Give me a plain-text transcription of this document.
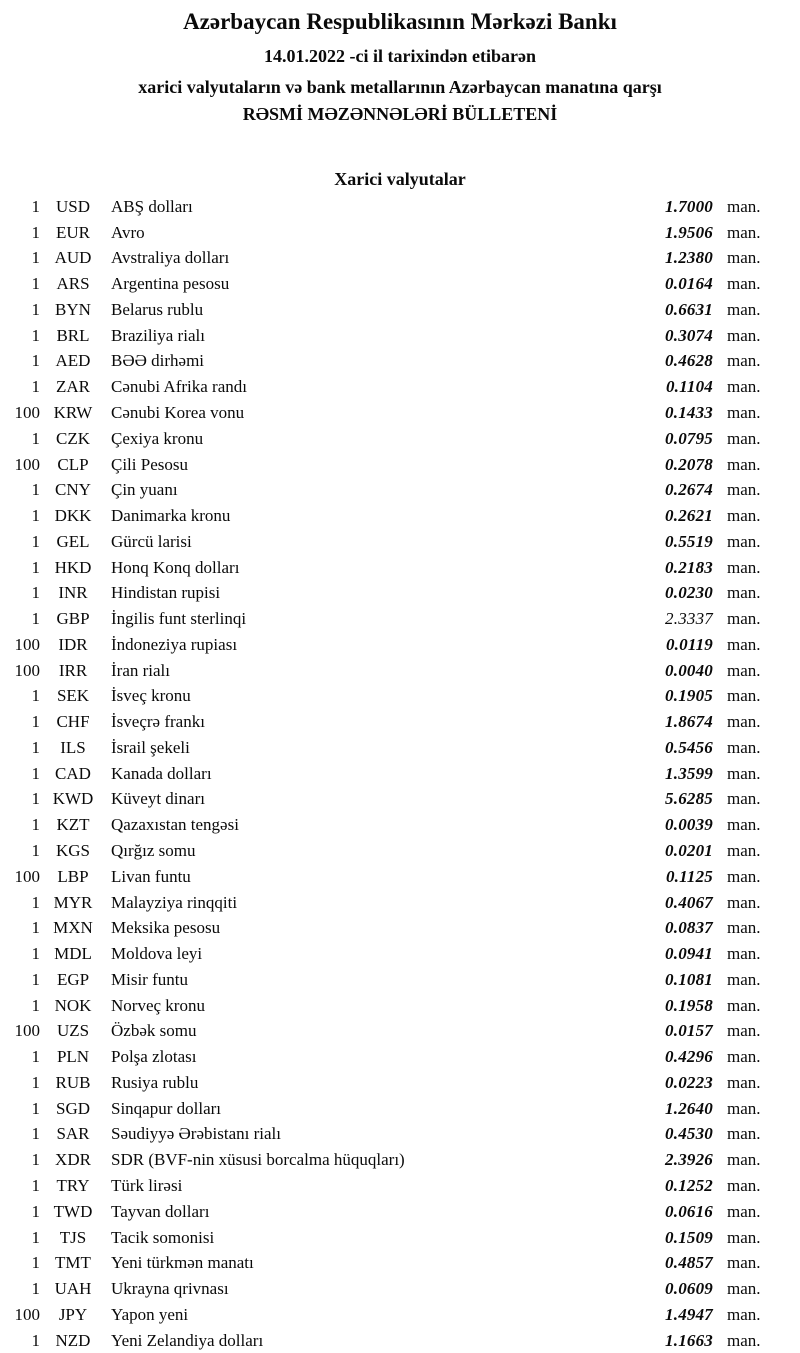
Azərbaycan Respublikasının Mərkəzi Bankı
14.01.2022 -ci il tarixindən etibarən
xarici valyutaların və bank metallarının Azərbaycan manatına qarşı
RƏSMİ MƏZƏNNƏLƏRİ BÜLLETENİ
Xarici valyutalar
1 USD	ABŞ dolları	1.7000 man.
1 EUR	Avro	1.9506 man.
1 AUD	Avstraliya dolları	1.2380 man.
1 ARS	Argentina pesosu	0.0164 man.
1 BYN	Belarus rublu	0.6631 man.
1 BRL	Braziliya rialı	0.3074 man.
1 AED	BƏƏ dirhəmi	0.4628 man.
1 ZAR	Cənubi Afrika randı	0.1104 man.
100 KRW	Cənubi Korea vonu	0.1433 man.
1 CZK	Çexiya kronu	0.0795 man.
100	CLP	Çili Pesosu	0.2078 man.
1 CNY	Çin yuanı	0.2674 man.
1 DKK	Danimarka kronu	0.2621 man.
1 GEL	Gürcü larisi	0.5519 man.
1 HKD	Honq Konq dolları	0.2183 man.
1	INR	Hindistan rupisi	0.0230 man.
1 GBP	İngilis funt sterlinqi	2.3337 man.
100	IDR	İndoneziya rupiası	0.0119 man.
100	IRR	İran rialı	0.0040 man.
1 SEK	İsveç kronu	0.1905 man.
1 CHF	İsveçrə frankı	1.8674 man.
1	ILS	İsrail şekeli	0.5456 man.
1 CAD	Kanada dolları	1.3599 man.
1 KWD	Küveyt dinarı	5.6285 man.
1 KZT	Qazaxıstan tengəsi	0.0039 man.
1 KGS	Qırğız somu	0.0201 man.
100	LBP	Livan funtu	0.1125 man.
1 MYR	Malayziya rinqqiti	0.4067 man.
1 MXN	Meksika pesosu	0.0837 man.
1 MDL	Moldova leyi	0.0941 man.
1 EGP	Misir funtu	0.1081 man.
1 NOK	Norveç kronu	0.1958 man.
100 UZS	Özbək somu	0.0157 man.
1 PLN	Polşa zlotası	0.4296 man.
1 RUB	Rusiya rublu	0.0223 man.
1 SGD	Sinqapur dolları	1.2640 man.
1 SAR	Səudiyyə Ərəbistanı rialı	0.4530 man.
1 XDR	SDR (BVF-nin xüsusi borcalma hüquqları)	2.3926 man.
1 TRY	Türk lirəsi	0.1252 man.
1 TWD	Tayvan dolları	0.0616 man.
1	TJS	Tacik somonisi	0.1509 man.
1 TMT	Yeni türkmən manatı	0.4857 man.
1 UAH	Ukrayna qrivnası	0.0609 man.
100	JPY	Yapon yeni	1.4947 man.
1 NZD	Yeni Zelandiya dolları	1.1663 man.
